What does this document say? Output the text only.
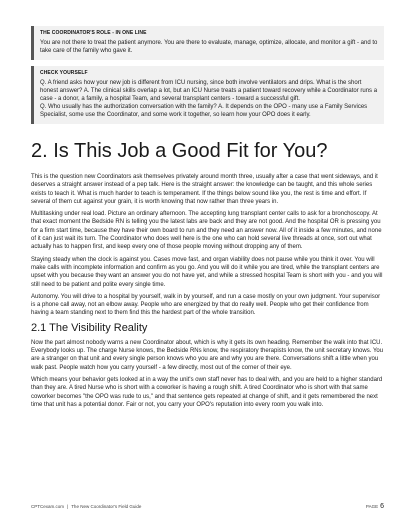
THE COORDINATOR'S ROLE - IN ONE LINE
You are not there to treat the patient anymore. You are there to evaluate, manage, optimize, allocate, and monitor a gift - and to take care of the family who gave it.
CHECK YOURSELF

Q. A friend asks how your new job is different from ICU nursing, since both involve ventilators and drips. What is the short honest answer? A. The clinical skills overlap a lot, but an ICU Nurse treats a patient toward recovery while a Coordinator runs a case - a donor, a family, a hospital Team, and several transplant centers - toward a successful gift.

Q. Who usually has the authorization conversation with the family? A. It depends on the OPO - many use a Family Services Specialist, some use the Coordinator, and some work it together, so learn how your OPO does it early.

2. Is This Job a Good Fit for You?

This is the question new Coordinators ask themselves privately around month three, usually after a case that went sideways, and it deserves a straight answer instead of a pep talk. Here is the straight answer: the knowledge can be taught, and this whole series exists to teach it. What is much harder to teach is temperament. If the things below sound like you, the rest is time and effort. If several of them cut against your grain, it is worth knowing that now rather than three years in.

Multitasking under real load. Picture an ordinary afternoon. The accepting lung transplant center calls to ask for a bronchoscopy. At that exact moment the Bedside RN is telling you the latest labs are back and they are not good. And the hospital OR is pressing you for a firm start time, because they have their own board to run and they need an answer now. All of it inside a few minutes, and none of it can just wait its turn. The Coordinator who does well here is the one who can hold several live threads at once, sort out what actually has to happen first, and keep every one of those people moving without dropping any of them.

Staying steady when the clock is against you. Cases move fast, and organ viability does not pause while you think it over. You will make calls with incomplete information and confirm as you go. And you will do it while you are tired, while the transplant centers are upset with you because they want an answer you do not have yet, and while a stressed hospital Team is short with you - and you will still need to be patient and polite every single time.

Autonomy. You will drive to a hospital by yourself, walk in by yourself, and run a case mostly on your own judgment. Your supervisor is a phone call away, not an elbow away. People who are energized by that do really well. People who get their confidence from having a team standing next to them find this the hardest part of the whole transition.

2.1 The Visibility Reality

Now the part almost nobody warns a new Coordinator about, which is why it gets its own heading. Remember the walk into that ICU. Everybody looks up. The charge Nurse knows, the Bedside RNs know, the respiratory therapists know, the unit secretary knows. You are a stranger on that unit and every single person knows who you are and why you are there. Conversations shift a little when you walk past. People watch how you carry yourself - a few directly, most out of the corner of their eye.

Which means your behavior gets looked at in a way the unit's own staff never has to deal with, and you are held to a higher standard than they are. A tired Nurse who is short with a coworker is having a rough shift. A tired Coordinator who is short with that same coworker becomes "the OPO was rude to us," and that sentence gets repeated at change of shift, and it gets remembered the next time that unit has a potential donor. Fair or not, you carry your OPO's reputation into every room you walk into.

CPTCexam.com | The New Coordinator's Field Guide	PAGE 6
